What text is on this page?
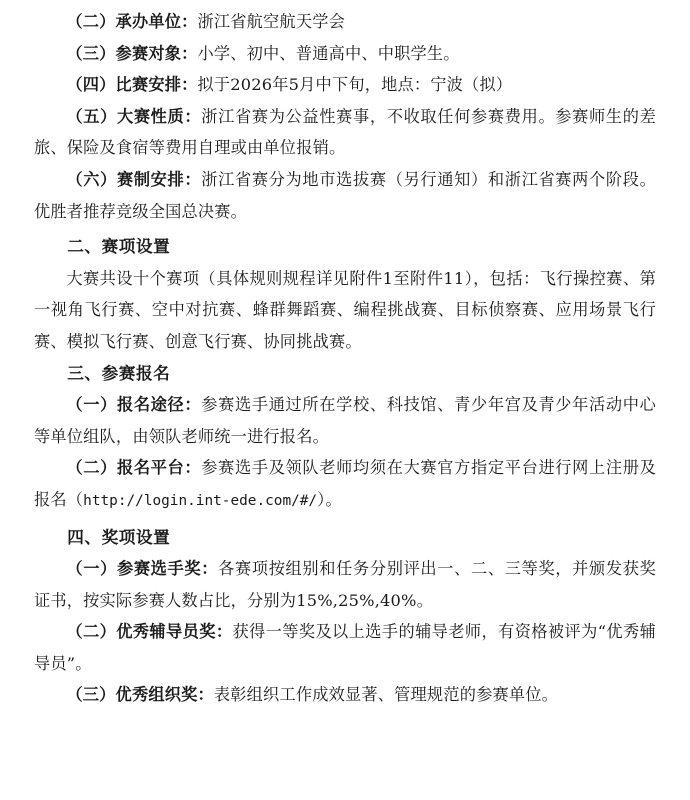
（二）承办单位：浙江省航空航天学会

（三）参赛对象：小学、初中、普通高中、中职学生。

（四）比赛安排：拟于2026年5月中下旬，地点：宁波（拟）

（五）大赛性质：浙江省赛为公益性赛事，不收取任何参赛费用。参赛师生的差旅、保险及食宿等费用自理或由单位报销。

（六）赛制安排：浙江省赛分为地市选拔赛（另行通知）和浙江省赛两个阶段。优胜者推荐竞级全国总决赛。

二、赛项设置

大赛共设十个赛项（具体规则规程详见附件1至附件11），包括：飞行操控赛、第一视角飞行赛、空中对抗赛、蜂群舞蹈赛、编程挑战赛、目标侦察赛、应用场景飞行赛、模拟飞行赛、创意飞行赛、协同挑战赛。

三、参赛报名

（一）报名途径：参赛选手通过所在学校、科技馆、青少年宫及青少年活动中心等单位组队，由领队老师统一进行报名。

（二）报名平台：参赛选手及领队老师均须在大赛官方指定平台进行网上注册及报名（http://login.int-ede.com/#/）。

四、奖项设置

（一）参赛选手奖：各赛项按组别和任务分别评出一、二、三等奖，并颁发获奖证书，按实际参赛人数占比，分别为15%,25%,40%。

（二）优秀辅导员奖：获得一等奖及以上选手的辅导老师，有资格被评为“优秀辅导员”。

（三）优秀组织奖：表彰组织工作成效显著、管理规范的参赛单位。
